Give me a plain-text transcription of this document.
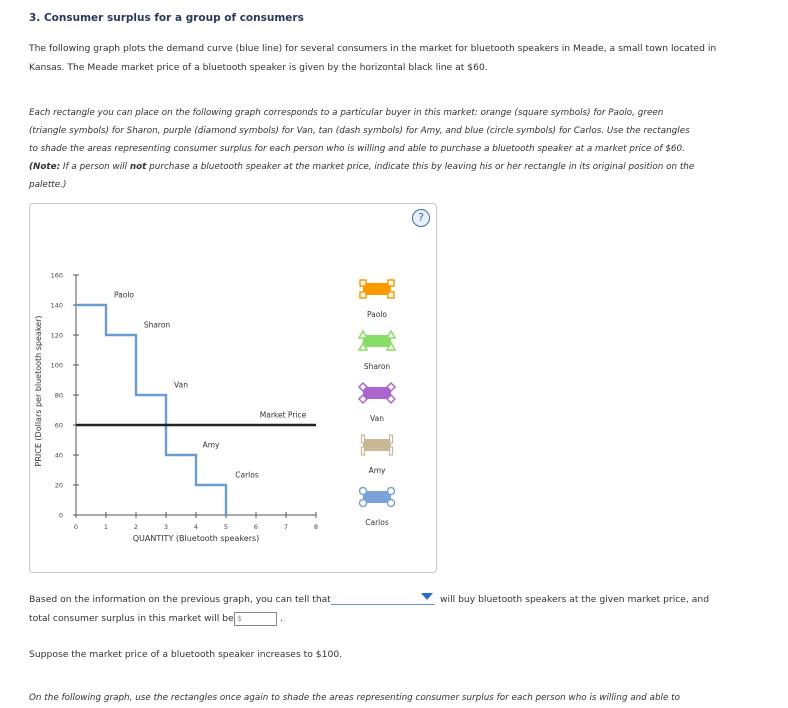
3. Consumer surplus for a group of consumers
The following graph plots the demand curve (blue line) for several consumers in the market for bluetooth speakers in Meade, a small town located in
Kansas. The Meade market price of a bluetooth speaker is given by the horizontal black line at $60.
Each rectangle you can place on the following graph corresponds to a particular buyer in this market: orange (square symbols) for Paolo, green
(triangle symbols) for Sharon, purple (diamond symbols) for Van, tan (dash symbols) for Amy, and blue (circle symbols) for Carlos. Use the rectangles
to shade the areas representing consumer surplus for each person who is willing and able to purchase a bluetooth speaker at a market price of $60.
(Note: If a person will not purchase a bluetooth speaker at the market price, indicate this by leaving his or her rectangle in its original position on the
palette.)
?
PRICE (Dollars per bluetooth speaker)
QUANTITY (Bluetooth speakers)
0
20
40
60
80
100
120
140
160
0	1	2	3	4	5	6	7	8
Paolo
Sharon
Van
Amy
Carlos
Market Price
Paolo
Sharon
Van
Amy
Carlos
Based on the information on the previous graph, you can tell that	will buy bluetooth speakers at the given market price, and
total consumer surplus in this market will be $	.
Suppose the market price of a bluetooth speaker increases to $100.
On the following graph, use the rectangles once again to shade the areas representing consumer surplus for each person who is willing and able to
